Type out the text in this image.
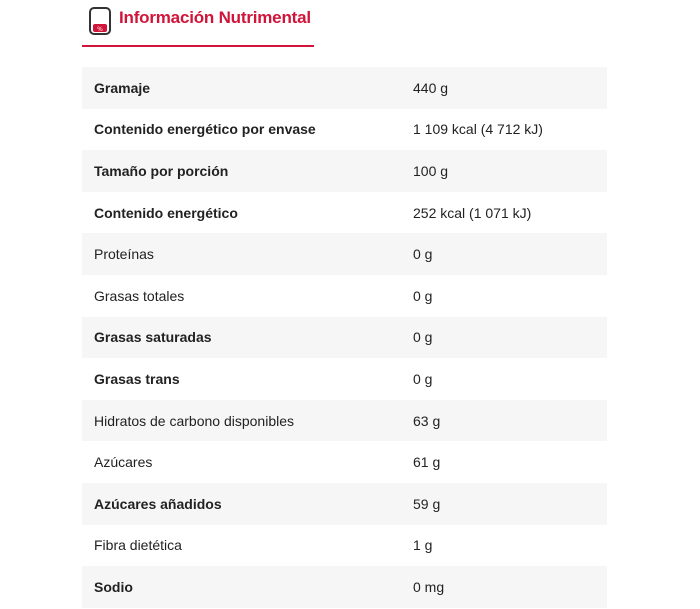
%
Información Nutrimental
Gramaje	440 g
Contenido energético por envase	1 109 kcal (4 712 kJ)
Tamaño por porción	100 g
Contenido energético	252 kcal (1 071 kJ)
Proteínas	0 g
Grasas totales	0 g
Grasas saturadas	0 g
Grasas trans	0 g
Hidratos de carbono disponibles	63 g
Azúcares	61 g
Azúcares añadidos	59 g
Fibra dietética	1 g
Sodio	0 mg
